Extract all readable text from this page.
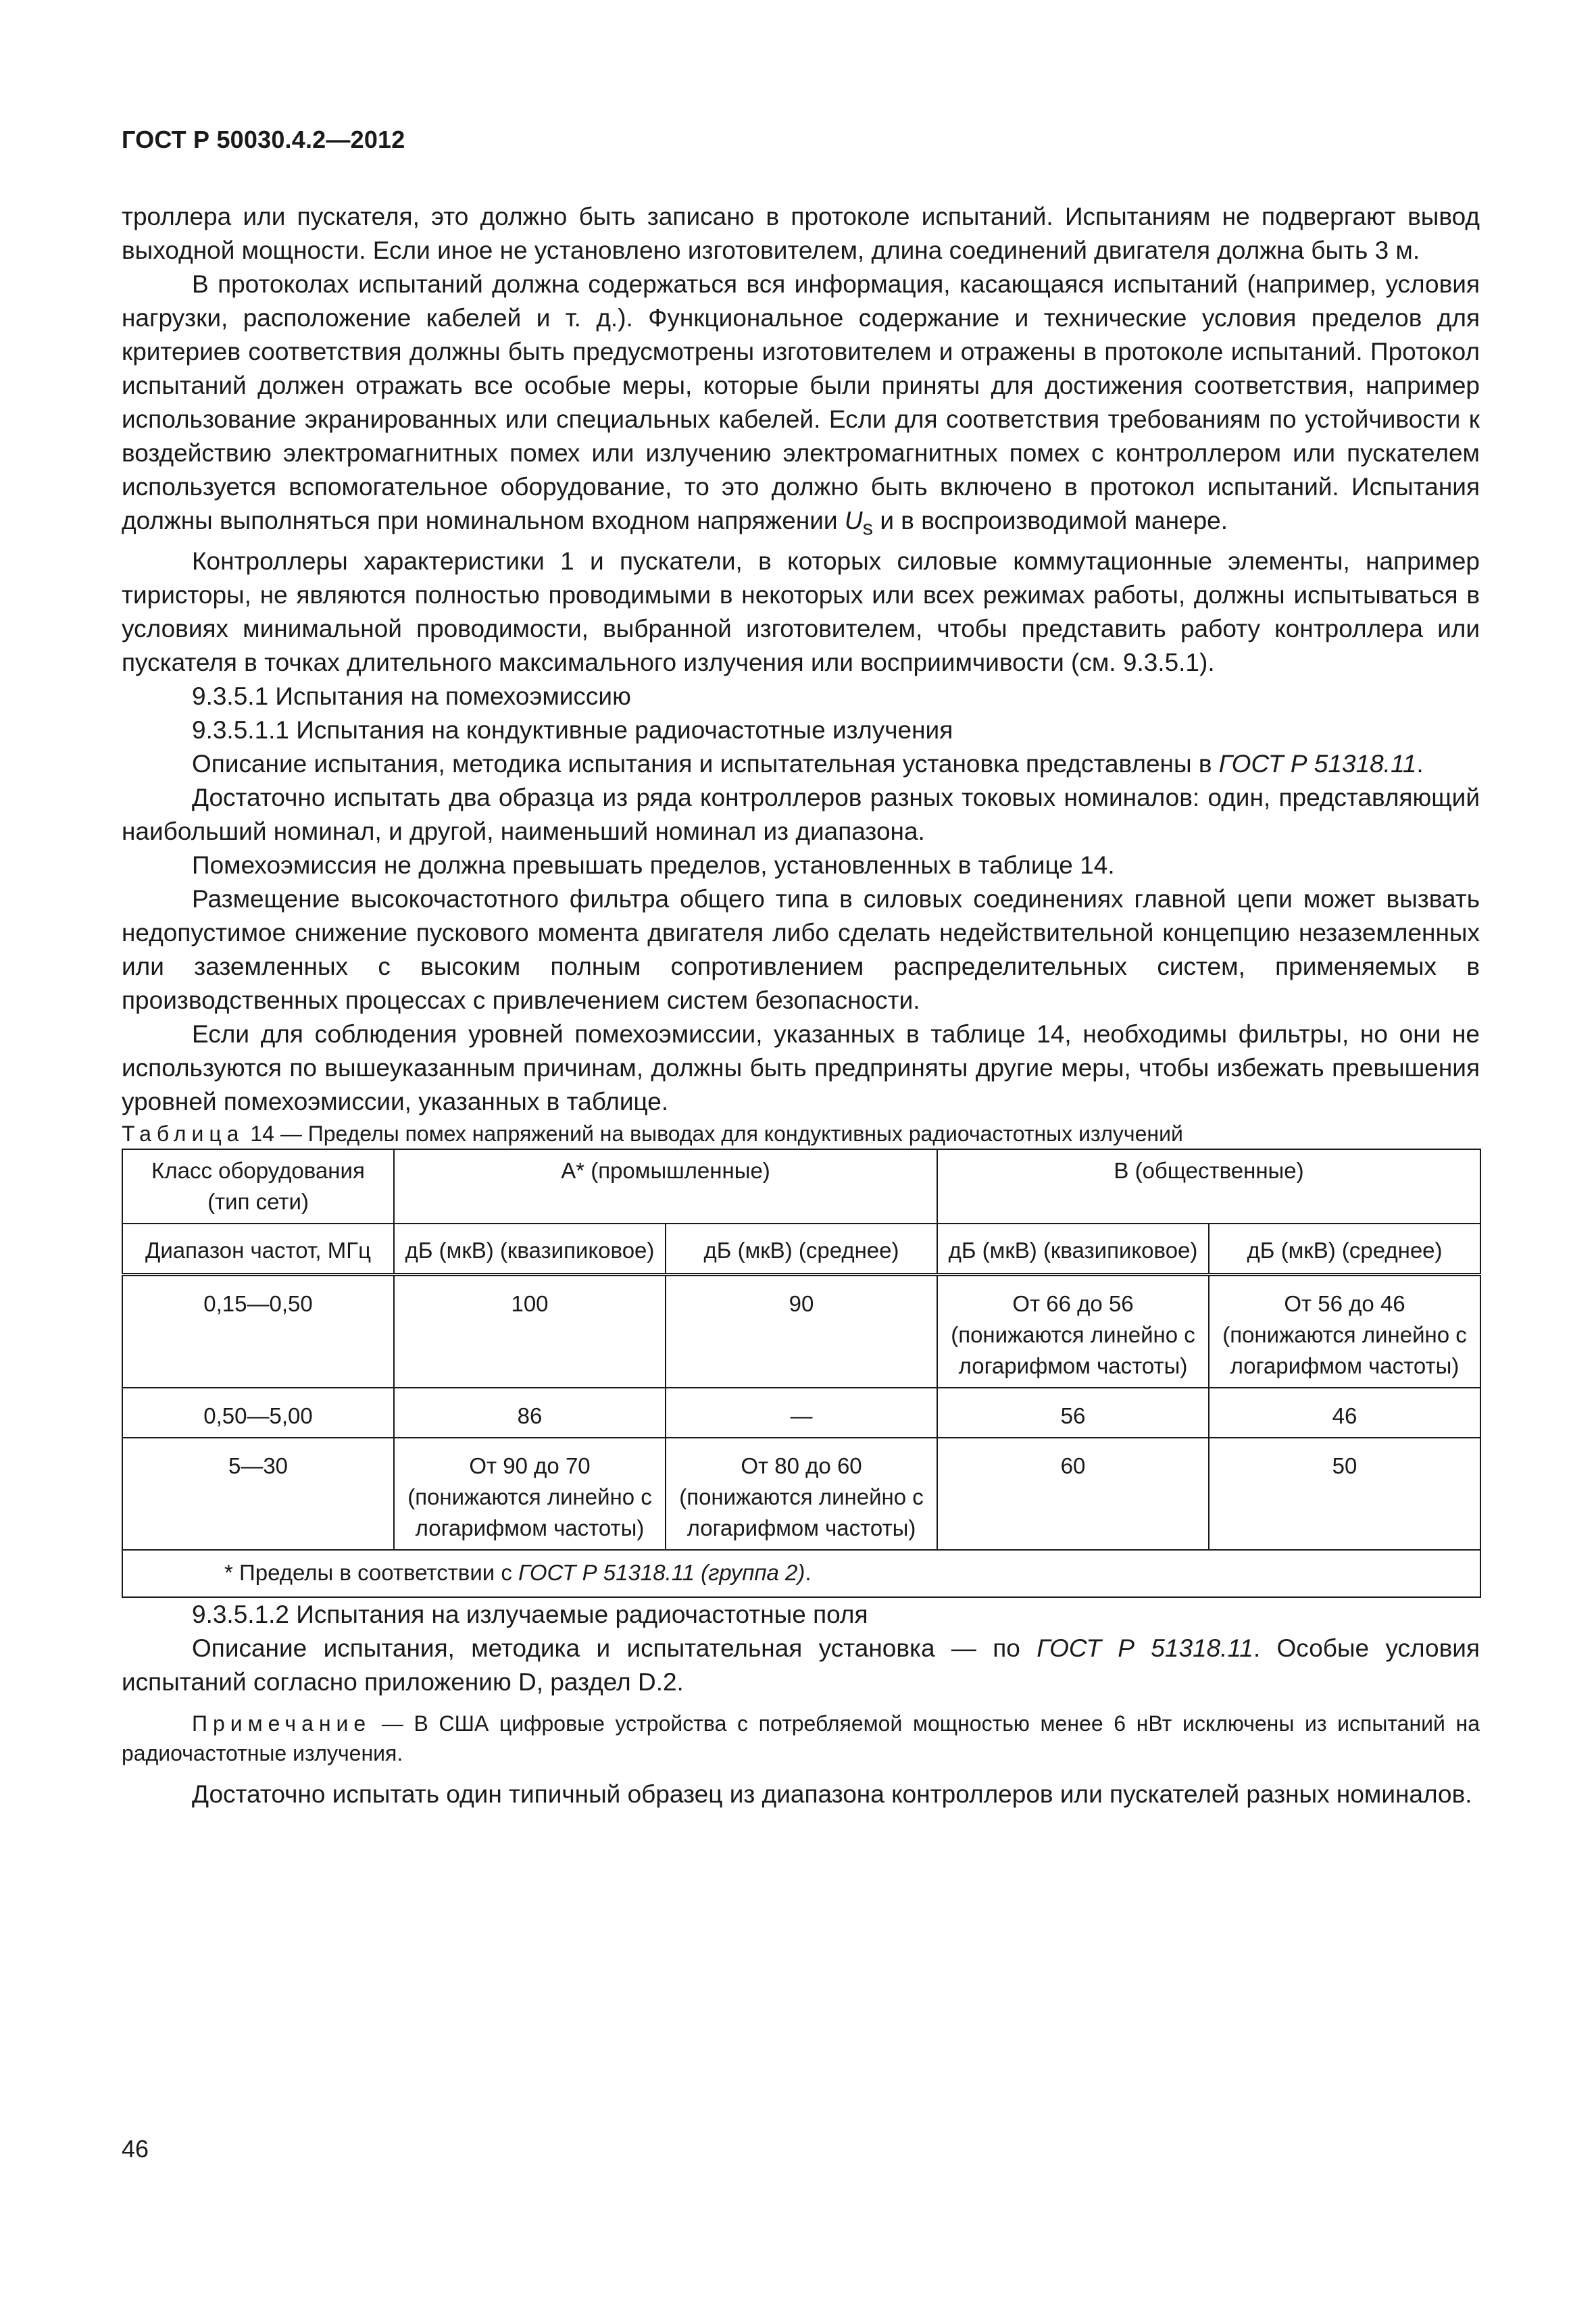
ГОСТ Р 50030.4.2—2012

троллера или пускателя, это должно быть записано в протоколе испытаний. Испытаниям не подвергают вывод выходной мощности. Если иное не установлено изготовителем, длина соединений двигателя должна быть 3 м.

В протоколах испытаний должна содержаться вся информация, касающаяся испытаний (например, условия нагрузки, расположение кабелей и т. д.). Функциональное содержание и технические условия пределов для критериев соответствия должны быть предусмотрены изготовителем и отражены в протоколе испытаний. Протокол испытаний должен отражать все особые меры, которые были приняты для достижения соответствия, например использование экранированных или специальных кабелей. Если для соответствия требованиям по устойчивости к воздействию электромагнитных помех или излучению электромагнитных помех с контроллером или пускателем используется вспомогательное оборудование, то это должно быть включено в протокол испытаний. Испытания должны выполняться при номинальном входном напряжении $U_s$ и в воспроизводимой манере.

Контроллеры характеристики 1 и пускатели, в которых силовые коммутационные элементы, например тиристоры, не являются полностью проводимыми в некоторых или всех режимах работы, должны испытываться в условиях минимальной проводимости, выбранной изготовителем, чтобы представить работу контроллера или пускателя в точках длительного максимального излучения или восприимчивости (см. 9.3.5.1).

9.3.5.1 Испытания на помехоэмиссию

9.3.5.1.1 Испытания на кондуктивные радиочастотные излучения

Описание испытания, методика испытания и испытательная установка представлены в ГОСТ Р 51318.11.

Достаточно испытать два образца из ряда контроллеров разных токовых номиналов: один, представляющий наибольший номинал, и другой, наименьший номинал из диапазона.

Помехоэмиссия не должна превышать пределов, установленных в таблице 14.

Размещение высокочастотного фильтра общего типа в силовых соединениях главной цепи может вызвать недопустимое снижение пускового момента двигателя либо сделать недействительной концепцию незаземленных или заземленных с высоким полным сопротивлением распределительных систем, применяемых в производственных процессах с привлечением систем безопасности.

Если для соблюдения уровней помехоэмиссии, указанных в таблице 14, необходимы фильтры, но они не используются по вышеуказанным причинам, должны быть предприняты другие меры, чтобы избежать превышения уровней помехоэмиссии, указанных в таблице.

Таблица 14 — Пределы помех напряжений на выводах для кондуктивных радиочастотных излучений

Класс оборудования (тип сети)	A* (промышленные)		B (общественные)	
Диапазон частот, МГц	дБ (мкВ) (квазипиковое)	дБ (мкВ) (среднее)	дБ (мкВ) (квазипиковое)	дБ (мкВ) (среднее)
0,15—0,50	100	90	От 66 до 56 (понижаются линейно с логарифмом частоты)	От 56 до 46 (понижаются линейно с логарифмом частоты)
0,50—5,00	86	—	56	46
5—30	От 90 до 70 (понижаются линейно с логарифмом частоты)	От 80 до 60 (понижаются линейно с логарифмом частоты)	60	50
* Пределы в соответствии с ГОСТ Р 51318.11 (группа 2).				

9.3.5.1.2 Испытания на излучаемые радиочастотные поля

Описание испытания, методика и испытательная установка — по ГОСТ Р 51318.11. Особые условия испытаний согласно приложению D, раздел D.2.

Примечание — В США цифровые устройства с потребляемой мощностью менее 6 нВт исключены из испытаний на радиочастотные излучения.

Достаточно испытать один типичный образец из диапазона контроллеров или пускателей разных номиналов.

46
